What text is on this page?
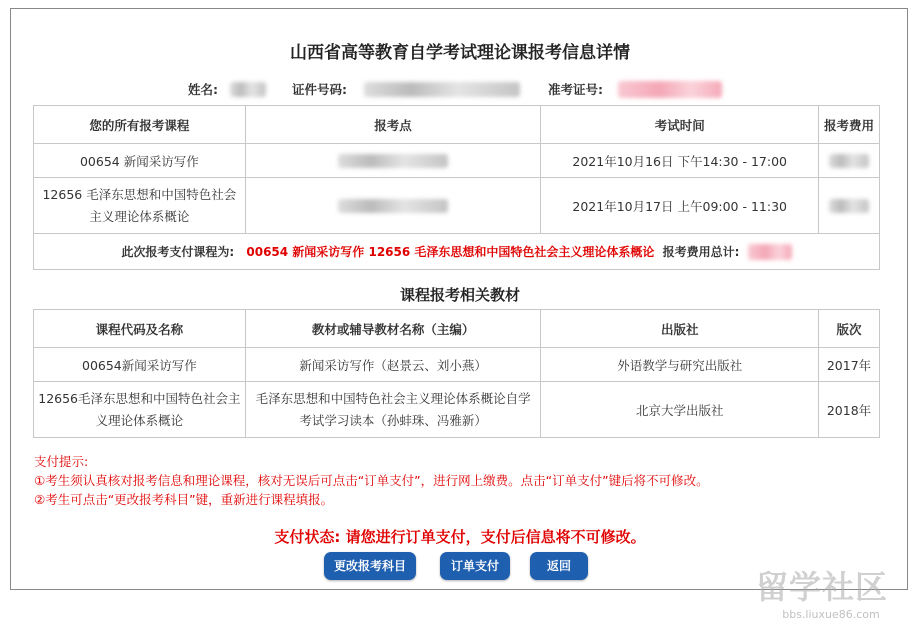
山西省高等教育自学考试理论课报考信息详情
姓名:	证件号码:	准考证号:
您的所有报考课程	报考点	考试时间	报考费用
00654 新闻采访写作		2021年10月16日 下午14:30 - 17:00	
12656 毛泽东思想和中国特色社会
主义理论体系概论		2021年10月17日 上午09:00 - 11:30	
此次报考支付课程为: 00654 新闻采访写作 12656 毛泽东思想和中国特色社会主义理论体系概论 报考费用总计:			
课程报考相关教材
课程代码及名称	教材或辅导教材名称（主编）	出版社	版次
00654新闻采访写作	新闻采访写作（赵景云、刘小燕）	外语教学与研究出版社	2017年
12656毛泽东思想和中国特色社会主
义理论体系概论	毛泽东思想和中国特色社会主义理论体系概论自学
考试学习读本（孙蚌珠、冯雅新）	北京大学出版社	2018年
支付提示:
①考生须认真核对报考信息和理论课程，核对无误后可点击“订单支付”，进行网上缴费。点击“订单支付”键后将不可修改。
②考生可点击“更改报考科目”键，重新进行课程填报。
支付状态: 请您进行订单支付，支付后信息将不可修改。
更改报考科目	订单支付	返回
留学社区
bbs.liuxue86.com
